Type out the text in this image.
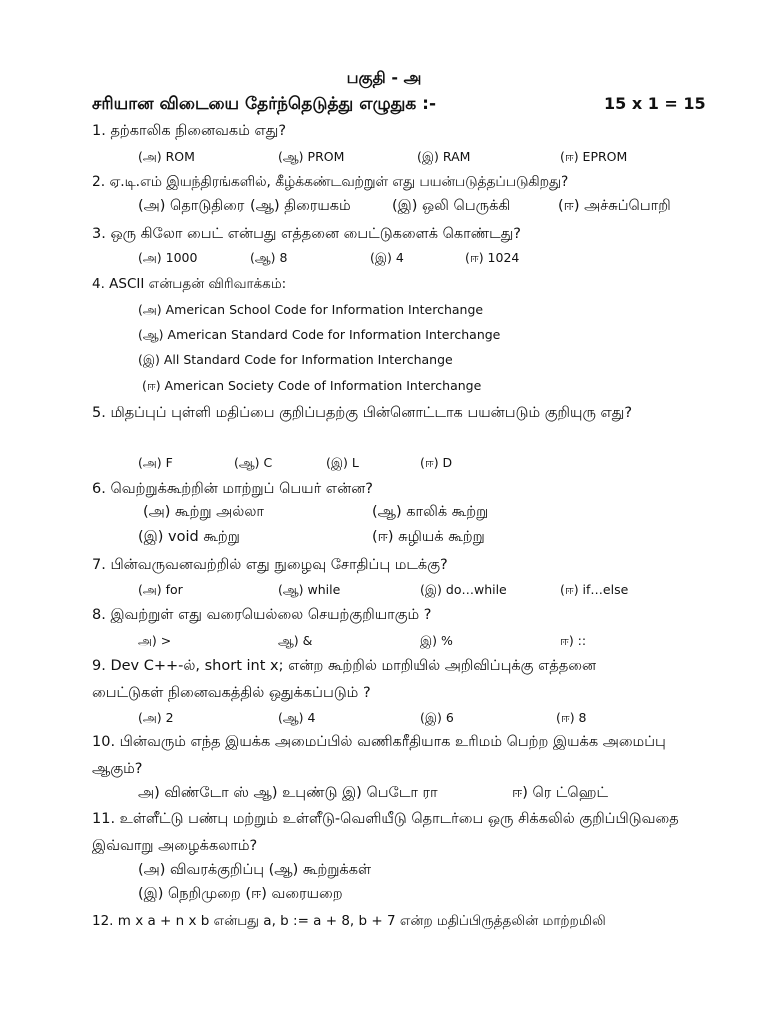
பகுதி - அ
சரியான விடையை தேர்ந்தெடுத்து எழுதுக :-	15 x 1 = 15
1. தற்காலிக நினைவகம் எது?
(அ) ROM	(ஆ) PROM	(இ) RAM	(ஈ) EPROM
2. ஏ.டி.எம் இயந்திரங்களில், கீழ்க்கண்டவற்றுள் எது பயன்படுத்தப்படுகிறது?
(அ) தொடுதிரை (ஆ) திரையகம்	(இ) ஒலி பெருக்கி	(ஈ) அச்சுப்பொறி
3. ஒரு கிலோ பைட் என்பது எத்தனை பைட்டுகளைக் கொண்டது?
(அ) 1000	(ஆ) 8	(இ) 4	(ஈ) 1024
4. ASCII என்பதன் விரிவாக்கம்:
(அ) American School Code for Information Interchange
(ஆ) American Standard Code for Information Interchange
(இ) All Standard Code for Information Interchange
(ஈ) American Society Code of Information Interchange
5. மிதப்புப் புள்ளி மதிப்பை குறிப்பதற்கு பின்னொட்டாக பயன்படும் குறியுரு எது?
(அ) F	(ஆ) C	(இ) L	(ஈ) D
6. வெற்றுக்கூற்றின் மாற்றுப் பெயர் என்ன?
(அ) கூற்று அல்லா	(ஆ) காலிக் கூற்று
(இ) void கூற்று	(ஈ) சுழியக் கூற்று
7. பின்வருவனவற்றில் எது நுழைவு சோதிப்பு மடக்கு?
(அ) for	(ஆ) while	(இ) do…while	(ஈ) if…else
8. இவற்றுள் எது வரையெல்லை செயற்குறியாகும் ?
அ) >	ஆ) &	இ) %	ஈ) ::
9. Dev C++-ல், short int x; என்ற கூற்றில் மாறியில் அறிவிப்புக்கு எத்தனை பைட்டுகள் நினைவகத்தில் ஒதுக்கப்படும் ?
(அ) 2	(ஆ) 4	(இ) 6	(ஈ) 8
10. பின்வரும் எந்த இயக்க அமைப்பில் வணிகரீதியாக உரிமம் பெற்ற இயக்க அமைப்பு ஆகும்?
அ) விண்டோ ஸ் ஆ) உபுண்டு இ) பெடோ ரா	ஈ) ரெ ட்ஹெட்
11. உள்ளீட்டு பண்பு மற்றும் உள்ளீடு-வெளியீடு தொடர்பை ஒரு சிக்கலில் குறிப்பிடுவதை இவ்வாறு அழைக்கலாம்?
(அ) விவரக்குறிப்பு (ஆ) கூற்றுக்கள்
(இ) நெறிமுறை (ஈ) வரையறை
12. m x a + n x b என்பது a, b := a + 8, b + 7 என்ற மதிப்பிருத்தலின் மாற்றமிலி
